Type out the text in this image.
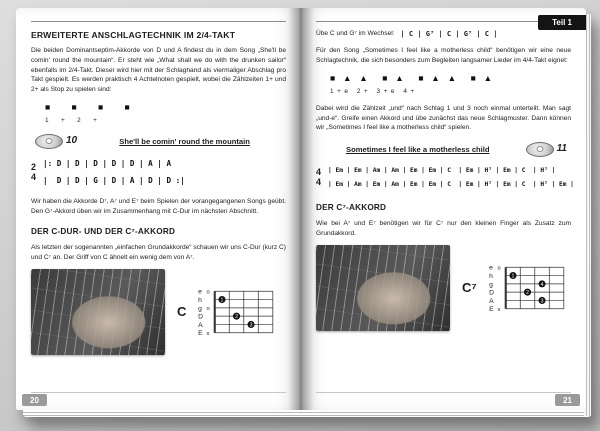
ERWEITERTE ANSCHLAGTECHNIK IM 2/4-TAKT

Die beiden Dominantseptim-Akkorde von D und A findest du in dem Song „She'll be comin' round the mountain“. Er steht wie „What shall we do with the drunken sailor“ ebenfalls im 2/4-Takt. Dieser wird hier mit der Schlaghand als viermaliger Abschlag pro Takt gespielt. Es werden praktisch 4 Achtelnoten gespielt, wobei die Zählzeiten 1+ und 2+ als Stop zu spielen sind:

■      ■      ■      ■
1       +       2       +
10	She'll be comin' round the mountain
2
4
|: D | D | D | D | D | A | A
|  D | D | G | D | A | D | D :|

Wir haben die Akkorde D⁷, A⁷ und E⁷ beim Spielen der vorangegangenen Songs geübt. Den G⁷-Akkord üben wir im Zusammenhang mit C-Dur im nächsten Abschnitt.

DER C-DUR- UND DER C⁷-AKKORD

Als letzten der sogenannten „einfachen Grundakkorde“ schauen wir uns C-Dur (kurz C) und C⁷ an. Der Griff von C ähnelt ein wenig dem von A⁷.

C
e o
h
g o
D
A
E x
1
2
3
20
Teil 1
Übe C und G⁷ im Wechsel: | C | G⁷ | C | G⁷ | C |

Für den Song „Sometimes I feel like a motherless child“ benötigen wir eine neue Schlagtechnik, die sich besonders zum Begleiten langsamer Lieder im 4/4-Takt eignet:

■  ▲  ▲    ■  ▲    ■  ▲  ▲    ■  ▲
1  +  e     2  +     3  +  e     4  +

Dabei wird die Zählzeit „und“ nach Schlag 1 und 3 noch einmal unterteilt. Man sagt „und-e“. Greife einen Akkord und übe zunächst das neue Schlagmuster. Dann können wir „Sometimes I feel like a motherless child“ spielen.

Sometimes I feel like a motherless child	11
4
4
| Em | Em | Am | Am | Em | Em | C  | Em | H⁷ | Em | C  | H⁷ |
| Em | Am | Em | Am | Em | Em | C  | Em | H⁷ | Em | C  | H⁷ | Em |
DER C⁷-AKKORD

Wie bei A⁷ und E⁷ benötigen wir für C⁷ nur den kleinen Finger als Zusatz zum Grundakkord.

C⁷
e o
h
g
D
A
E x
1
4
2
3
21
